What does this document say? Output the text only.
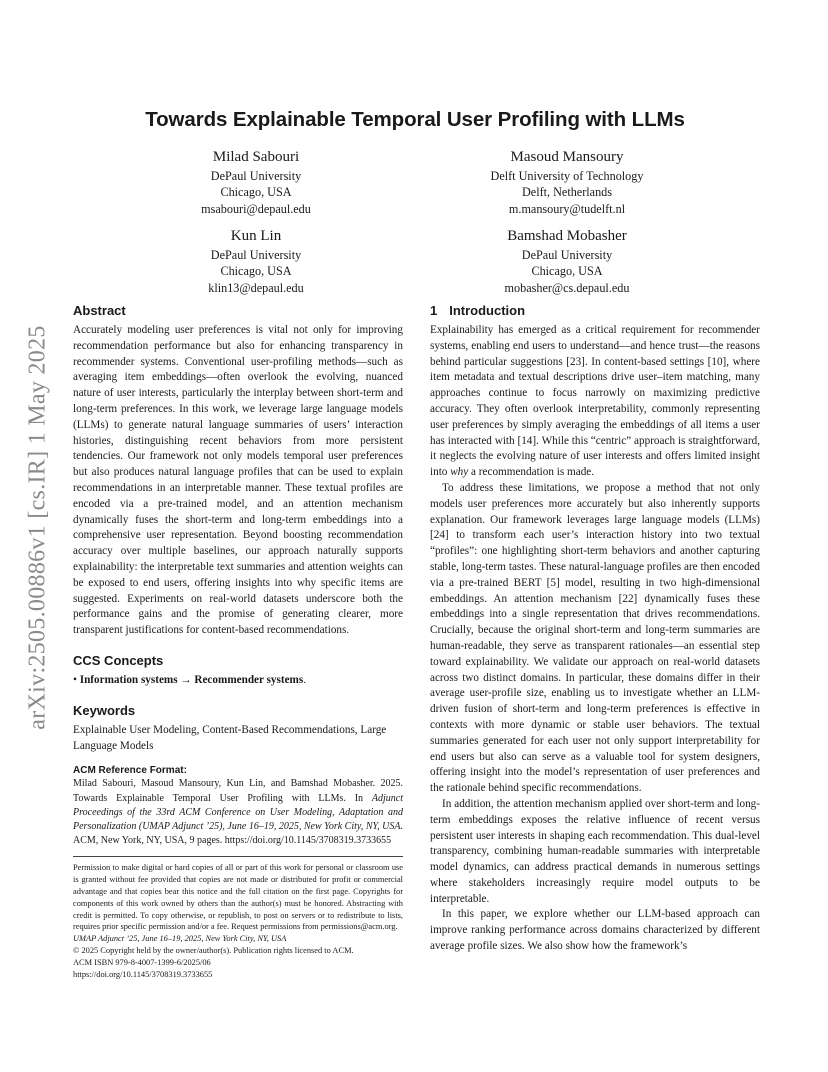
arXiv:2505.00886v1 [cs.IR] 1 May 2025
Towards Explainable Temporal User Profiling with LLMs
Milad Sabouri
DePaul University
Chicago, USA
msabouri@depaul.edu
Masoud Mansoury
Delft University of Technology
Delft, Netherlands
m.mansoury@tudelft.nl
Kun Lin
DePaul University
Chicago, USA
klin13@depaul.edu
Bamshad Mobasher
DePaul University
Chicago, USA
mobasher@cs.depaul.edu
Abstract

Accurately modeling user preferences is vital not only for improving recommendation performance but also for enhancing transparency in recommender systems. Conventional user-profiling methods—such as averaging item embeddings—often overlook the evolving, nuanced nature of user interests, particularly the interplay between short-term and long-term preferences. In this work, we leverage large language models (LLMs) to generate natural language summaries of users’ interaction histories, distinguishing recent behaviors from more persistent tendencies. Our framework not only models temporal user preferences but also produces natural language profiles that can be used to explain recommendations in an interpretable manner. These textual profiles are encoded via a pre-trained model, and an attention mechanism dynamically fuses the short-term and long-term embeddings into a comprehensive user representation. Beyond boosting recommendation accuracy over multiple baselines, our approach naturally supports explainability: the interpretable text summaries and attention weights can be exposed to end users, offering insights into why specific items are suggested. Experiments on real-world datasets underscore both the performance gains and the promise of generating clearer, more transparent justifications for content-based recommendations.

CCS Concepts
• Information systems → Recommender systems.
Keywords

Explainable User Modeling, Content-Based Recommendations, Large Language Models

ACM Reference Format:
Milad Sabouri, Masoud Mansoury, Kun Lin, and Bamshad Mobasher. 2025. Towards Explainable Temporal User Profiling with LLMs. In Adjunct Proceedings of the 33rd ACM Conference on User Modeling, Adaptation and Personalization (UMAP Adjunct ’25), June 16–19, 2025, New York City, NY, USA. ACM, New York, NY, USA, 9 pages. https://doi.org/10.1145/3708319.3733655

Permission to make digital or hard copies of all or part of this work for personal or classroom use is granted without fee provided that copies are not made or distributed for profit or commercial advantage and that copies bear this notice and the full citation on the first page. Copyrights for components of this work owned by others than the author(s) must be honored. Abstracting with credit is permitted. To copy otherwise, or republish, to post on servers or to redistribute to lists, requires prior specific permission and/or a fee. Request permissions from permissions@acm.org.

UMAP Adjunct ’25, June 16–19, 2025, New York City, NY, USA
© 2025 Copyright held by the owner/author(s). Publication rights licensed to ACM.
ACM ISBN 979-8-4007-1399-6/2025/06
https://doi.org/10.1145/3708319.3733655
1 Introduction

Explainability has emerged as a critical requirement for recommender systems, enabling end users to understand—and hence trust—the reasons behind particular suggestions [23]. In content-based settings [10], where item metadata and textual descriptions drive user–item matching, many approaches continue to focus narrowly on maximizing predictive accuracy. They often overlook interpretability, commonly representing user preferences by simply averaging the embeddings of all items a user has interacted with [14]. While this “centric” approach is straightforward, it neglects the evolving nature of user interests and offers limited insight into why a recommendation is made.

To address these limitations, we propose a method that not only models user preferences more accurately but also inherently supports explanation. Our framework leverages large language models (LLMs) [24] to transform each user’s interaction history into two textual “profiles”: one highlighting short-term behaviors and another capturing stable, long-term tastes. These natural-language profiles are then encoded via a pre-trained BERT [5] model, resulting in two high-dimensional embeddings. An attention mechanism [22] dynamically fuses these embeddings into a single representation that drives recommendations. Crucially, because the original short-term and long-term summaries are human-readable, they serve as transparent rationales—an essential step toward explainability. We validate our approach on real-world datasets across two distinct domains. In particular, these domains differ in their average user-profile size, enabling us to investigate whether an LLM-driven fusion of short-term and long-term preferences is effective in contexts with more dynamic or stable user behaviors. The textual summaries generated for each user not only support interpretability for end users but also can serve as a valuable tool for system designers, offering insight into the model’s representation of user preferences and the rationale behind specific recommendations.

In addition, the attention mechanism applied over short-term and long-term embeddings exposes the relative influence of recent versus persistent user interests in shaping each recommendation. This dual-level transparency, combining human-readable summaries with interpretable model dynamics, can address practical demands in numerous settings where stakeholders increasingly require model outputs to be interpretable.

In this paper, we explore whether our LLM-based approach can improve ranking performance across domains characterized by different average profile sizes. We also show how the framework’s
